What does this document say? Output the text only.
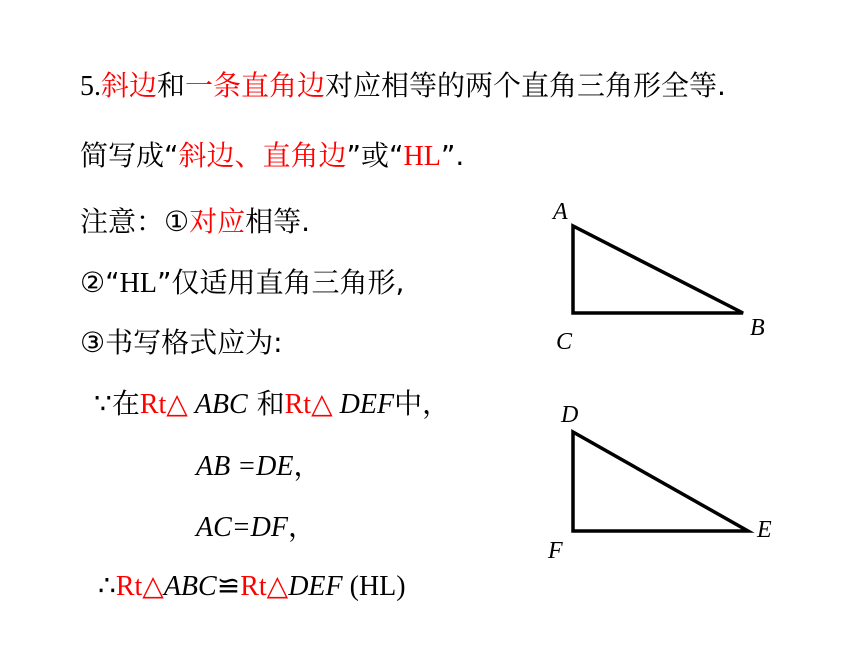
5.斜边和一条直角边对应相等的两个直角三角形全等.
简写成“斜边、直角边”或“HL”.
注意：①对应相等.
②“HL”仅适用直角三角形,
③书写格式应为:
∵在Rt△ ABC 和Rt△ DEF中，
AB =DE，
AC=DF，
∴Rt△ABC≌Rt△DEF (HL)
A
B
C
D
E
F
